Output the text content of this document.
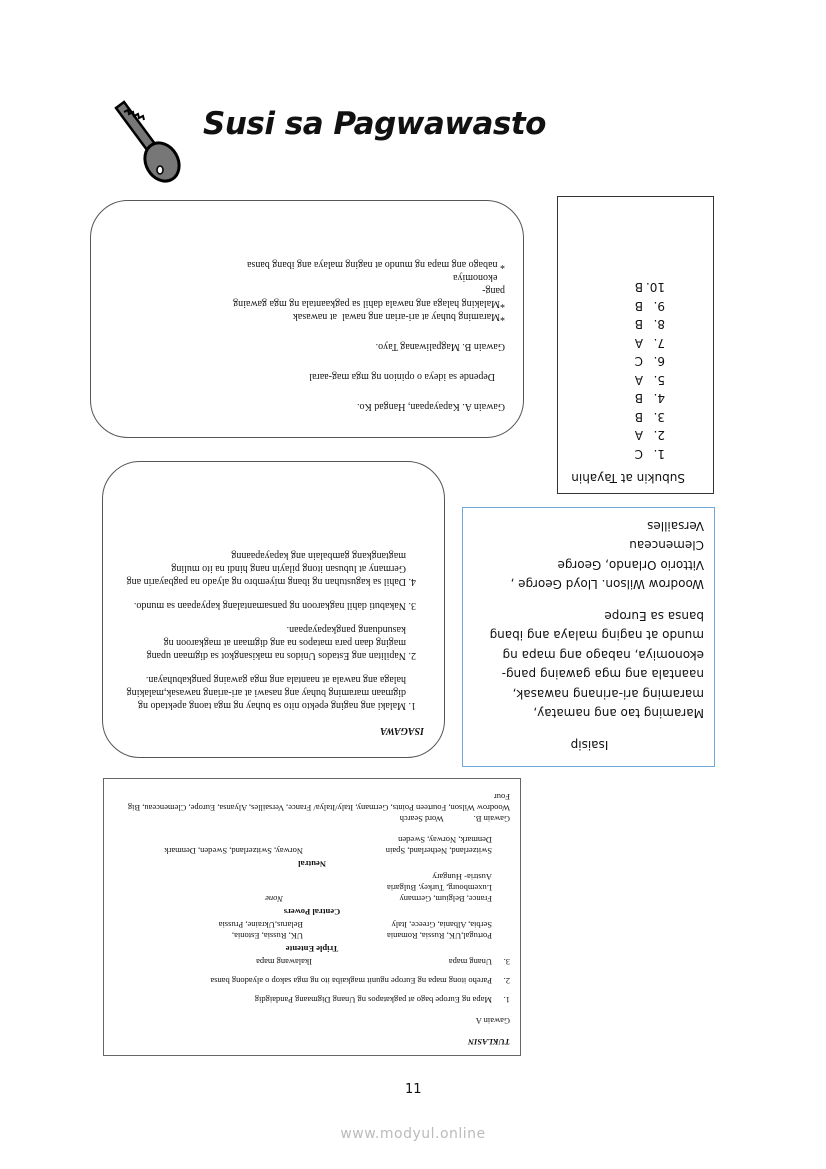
Susi sa Pagwawasto

Gawain A. Kapayapaan, Hangad Ko.

Depende sa ideya o opinion ng mga mag-aaral

Gawain B. Magpaliwanag Tayo.

*Maraming buhay at ari-arian ang nawal  at nawasak
*Malaking halaga ang nawala dahil sa pagkaantala ng mga gawaing
pang-
ekonomiya
* nabago ang mapa ng mundo at naging malaya ang ibang bansa
Subukin at Tayahin
1.C
2.A
3.B
4.B
5.A
6.C
7.A
8.B
9.B
10.B
Isaisip
Maraming tao ang namatay,
maraming ari-arinang nawasak,
naantala ang mga gawaing pang-
ekonomiya, nabago ang mapa ng
mundo at naging malaya ang ibang
bansa sa Europe
Woodrow Wilson. Lloyd George ,
Vittorio Orlando, George
Clemenceau
Versailles
ISAGAWA
1. Malaki ang naging epekto nito sa buhay ng mga taong apektado ng digmaan maraming buhay ang nasawi at ari-ariang nawasak,malaking halaga ang nawala at naantala ang mga gawaing pangkabuhayan.
2. Napilitan ang Estados Unidos na makisangkot sa digmaan upang maging daan para matapos na ang digmaan at magkaroon ng kasunduang pangkapayapaan.
3. Nakabuti dahil nagkaroon ng pansamantalang kapyapaan sa mundo.
4. Dahil sa kagustuhan ng ibang miyembro ng alyado na pagbayarin ang Germany at lubusan itong pilayin nang hindi na ito muling magtangkang gambalain ang kapayapaanng
TUKLASIN
Gawain A
1.Mapa ng Europe bago at pagkatapos ng Unang Digmaang Pandaigdig
2.Pareho itong mapa ng Europe ngunit magkaiba ito ng mga sakop o alyadong bansa
3.Unang mapa
Ikalawang mapa
Triple Entente
Portugal,UK, Russia, Romania
Serbia, Albania, Greece, Italy
UK, Russia, Estonia,
Belarus,Ukraine, Prussia
Central Powers
France, Belgium, Germany
Luxembourg, Turkey, Bulgaria
Austria- Hungary
None
Neutral
Switzerland, Netherland, Spain
Denmark, Norway, Sweden
Norway, Switzerland, Sweden, Denmark
Gawain B.Word Search
Woodrow Wilson, Fourteen Points, Germany, Italy/Italya/ France, Versailles, Alyansa, Europe, Clemenceau, Big Four
11
www.modyul.online
